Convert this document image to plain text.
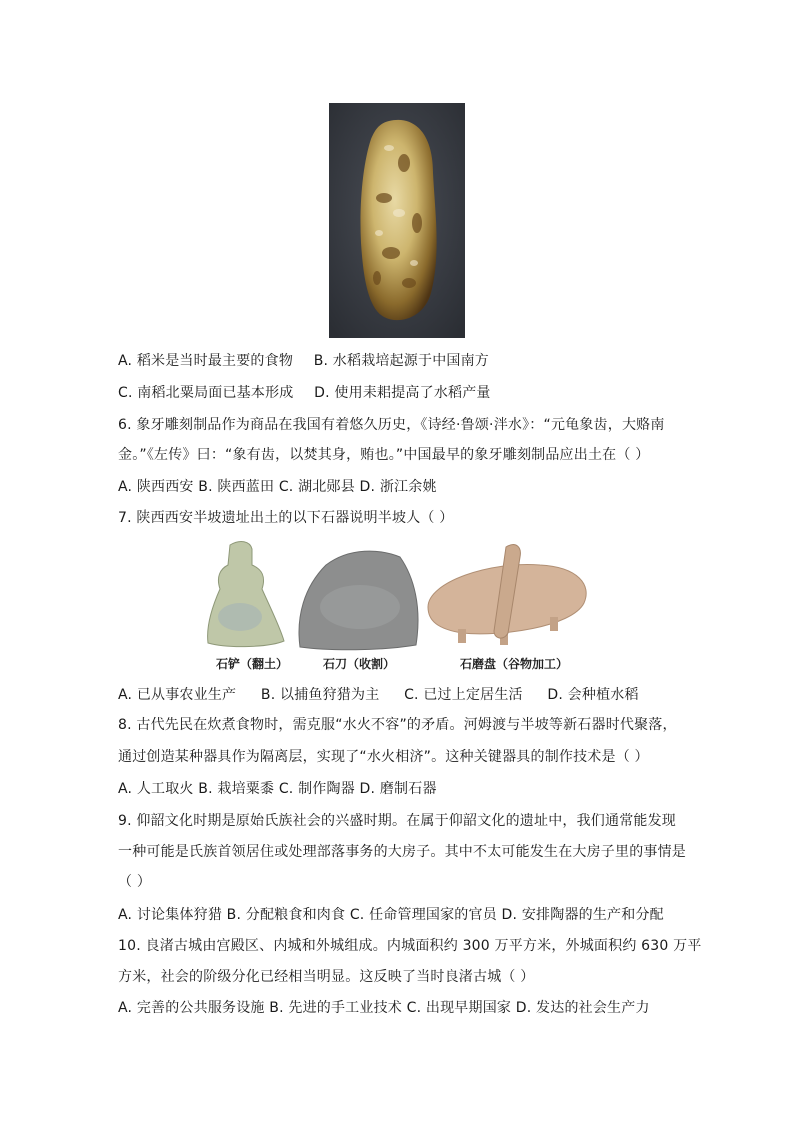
A. 稻米是当时最主要的食物 B. 水稻栽培起源于中国南方
C. 南稻北粟局面已基本形成 D. 使用耒耜提高了水稻产量
6. 象牙雕刻制品作为商品在我国有着悠久历史，《诗经·鲁颂·泮水》：“元龟象齿，大赂南
金。”《左传》曰：“象有齿，以焚其身，贿也。”中国最早的象牙雕刻制品应出土在（ ）
A. 陕西西安 B. 陕西蓝田 C. 湖北郧县 D. 浙江余姚
7. 陕西西安半坡遗址出土的以下石器说明半坡人（ ）
石铲（翻土）	石刀（收割）	石磨盘（谷物加工）
A. 已从事农业生产 B. 以捕鱼狩猎为主 C. 已过上定居生活 D. 会种植水稻
8. 古代先民在炊煮食物时，需克服“水火不容”的矛盾。河姆渡与半坡等新石器时代聚落，
通过创造某种器具作为隔离层，实现了“水火相济”。这种关键器具的制作技术是（ ）
A. 人工取火 B. 栽培粟黍 C. 制作陶器 D. 磨制石器
9. 仰韶文化时期是原始氏族社会的兴盛时期。在属于仰韶文化的遗址中，我们通常能发现
一种可能是氏族首领居住或处理部落事务的大房子。其中不太可能发生在大房子里的事情是
（ ）
A. 讨论集体狩猎 B. 分配粮食和肉食 C. 任命管理国家的官员 D. 安排陶器的生产和分配
10. 良渚古城由宫殿区、内城和外城组成。内城面积约 300 万平方米，外城面积约 630 万平
方米，社会的阶级分化已经相当明显。这反映了当时良渚古城（ ）
A. 完善的公共服务设施 B. 先进的手工业技术 C. 出现早期国家 D. 发达的社会生产力
